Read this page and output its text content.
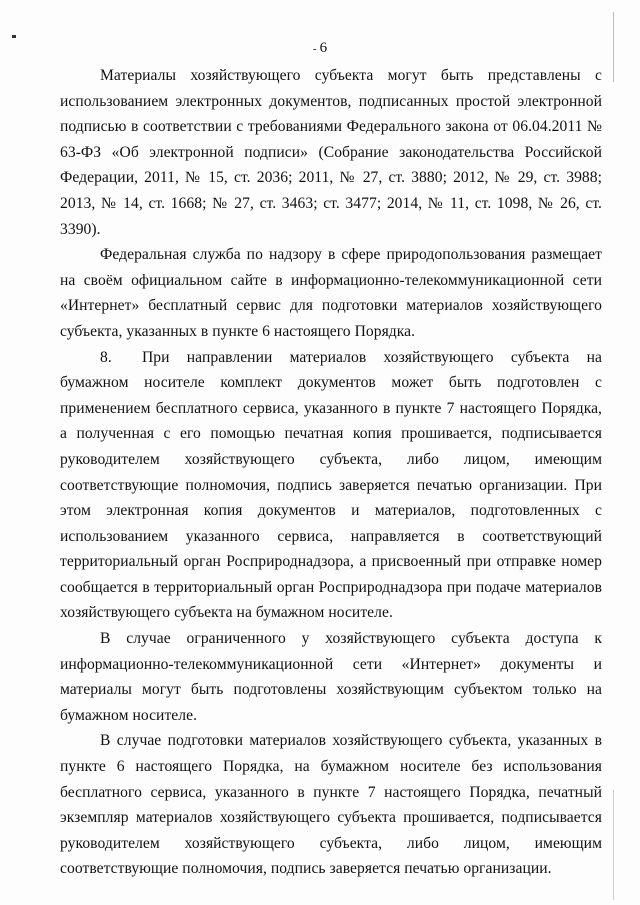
- 6

Материалы хозяйствующего субъекта могут быть представлены с использованием электронных документов, подписанных простой электронной подписью в соответствии с требованиями Федерального закона от 06.04.2011 № 63-ФЗ «Об электронной подписи» (Собрание законодательства Российской Федерации, 2011, № 15, ст. 2036; 2011, № 27, ст. 3880; 2012, № 29, ст. 3988; 2013, № 14, ст. 1668; № 27, ст. 3463; ст. 3477; 2014, № 11, ст. 1098, № 26, ст. 3390).

Федеральная служба по надзору в сфере природопользования размещает на своём официальном сайте в информационно-телекоммуникационной сети «Интернет» бесплатный сервис для подготовки материалов хозяйствующего субъекта, указанных в пункте 6 настоящего Порядка.

8. При направлении материалов хозяйствующего субъекта на бумажном носителе комплект документов может быть подготовлен с применением бесплатного сервиса, указанного в пункте 7 настоящего Порядка, а полученная с его помощью печатная копия прошивается, подписывается руководителем хозяйствующего субъекта, либо лицом, имеющим соответствующие полномочия, подпись заверяется печатью организации. При этом электронная копия документов и материалов, подготовленных с использованием указанного сервиса, направляется в соответствующий территориальный орган Росприроднадзора, а присвоенный при отправке номер сообщается в территориальный орган Росприроднадзора при подаче материалов хозяйствующего субъекта на бумажном носителе.

В случае ограниченного у хозяйствующего субъекта доступа к информационно-телекоммуникационной сети «Интернет» документы и материалы могут быть подготовлены хозяйствующим субъектом только на бумажном носителе.

В случае подготовки материалов хозяйствующего субъекта, указанных в пункте 6 настоящего Порядка, на бумажном носителе без использования бесплатного сервиса, указанного в пункте 7 настоящего Порядка, печатный экземпляр материалов хозяйствующего субъекта прошивается, подписывается руководителем хозяйствующего субъекта, либо лицом, имеющим соответствующие полномочия, подпись заверяется печатью организации.
